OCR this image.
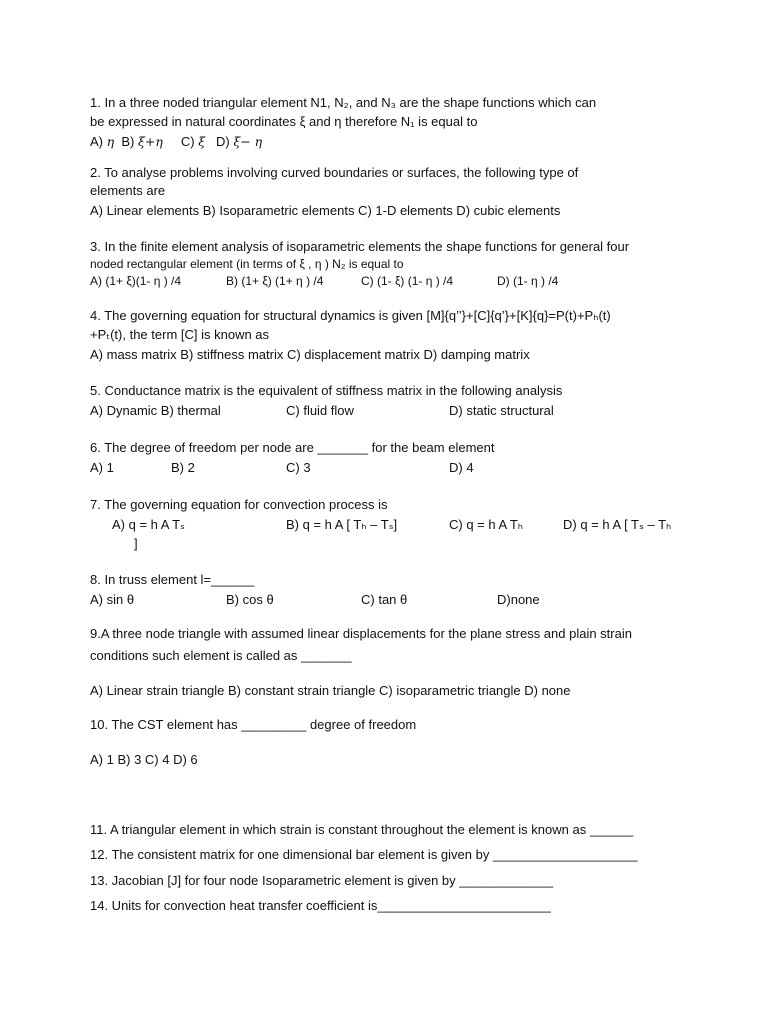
1. In a three noded triangular element N1, N₂, and N₃ are the shape functions which can

be expressed in natural coordinates ξ and η therefore N₁ is equal to

A) η B) ξ+η C) ξ D) ξ− η

2. To analyse problems involving curved boundaries or surfaces, the following type of

elements are

A) Linear elements B) Isoparametric elements C) 1-D elements D) cubic elements

3. In the finite element analysis of isoparametric elements the shape functions for general four

noded rectangular element (in terms of ξ , η ) N₂ is equal to

A) (1+ ξ)(1- η ) /4	B) (1+ ξ) (1+ η ) /4	C) (1- ξ) (1- η ) /4	D) (1- η ) /4

4. The governing equation for structural dynamics is given [M]{q’’}+[C]{q’}+[K]{q}=P(t)+Pₕ(t)

+Pₜ(t), the term [C] is known as

A) mass matrix B) stiffness matrix C) displacement matrix D) damping matrix

5. Conductance matrix is the equivalent of stiffness matrix in the following analysis

A) Dynamic B) thermal	C) fluid flow	D) static structural

6. The degree of freedom per node are _______ for the beam element

A) 1	B) 2	C) 3	D) 4

7. The governing equation for convection process is

A) q = h A Tₛ	B) q = h A [ Tₕ – Tₛ]	C) q = h A Tₕ	D) q = h A [ Tₛ – Tₕ

]

8. In truss element l=______

A) sin θ	B) cos θ	C) tan θ	D)none

9.A three node triangle with assumed linear displacements for the plane stress and plain strain

conditions such element is called as _______

A) Linear strain triangle B) constant strain triangle C) isoparametric triangle D) none

10. The CST element has _________ degree of freedom

A) 1 B) 3 C) 4 D) 6

11. A triangular element in which strain is constant throughout the element is known as ______

12. The consistent matrix for one dimensional bar element is given by ____________________

13. Jacobian [J] for four node Isoparametric element is given by _____________

14. Units for convection heat transfer coefficient is________________________
